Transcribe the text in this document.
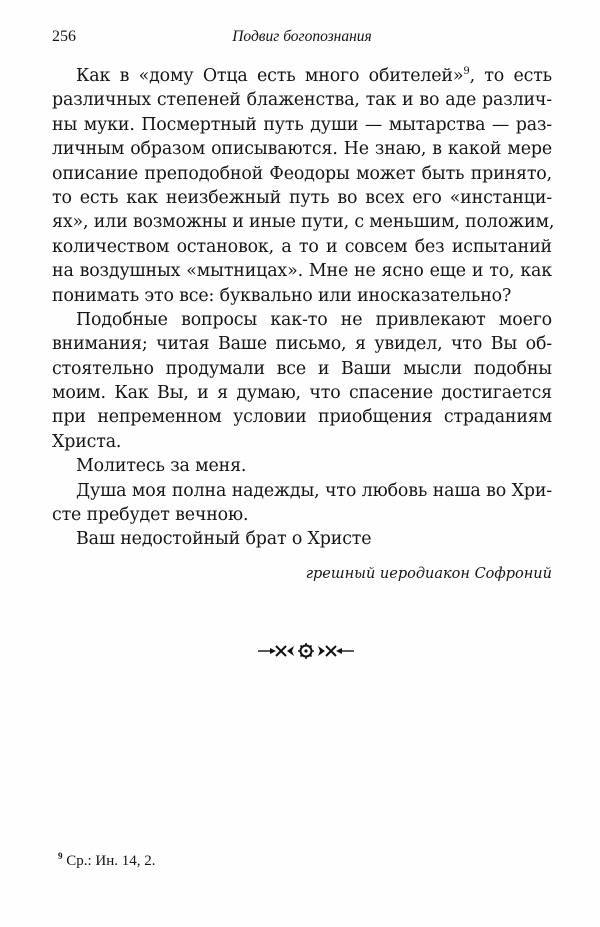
256	Подвиг богопознания
Как в «дому Отца есть много обителей»$^9$, то есть
различных степеней блаженства, так и во аде различ-
ны муки. Посмертный путь души — мытарства — раз-
личным образом описываются. Не знаю, в какой мере
описание преподобной Феодоры может быть принято,
то есть как неизбежный путь во всех его «инстанци-
ях», или возможны и иные пути, с меньшим, положим,
количеством остановок, а то и совсем без испытаний
на воздушных «мытницах». Мне не ясно еще и то, как
понимать это все: буквально или иносказательно?
Подобные вопросы как-то не привлекают моего
внимания; читая Ваше письмо, я увидел, что Вы об-
стоятельно продумали все и Ваши мысли подобны
моим. Как Вы, и я думаю, что спасение достигается
при непременном условии приобщения страданиям
Христа.
Молитесь за меня.
Душа моя полна надежды, что любовь наша во Хри-
сте пребудет вечною.
Ваш недостойный брат о Христе
грешный иеродиакон Софроний
$^9$ Ср.: Ин. 14, 2.
